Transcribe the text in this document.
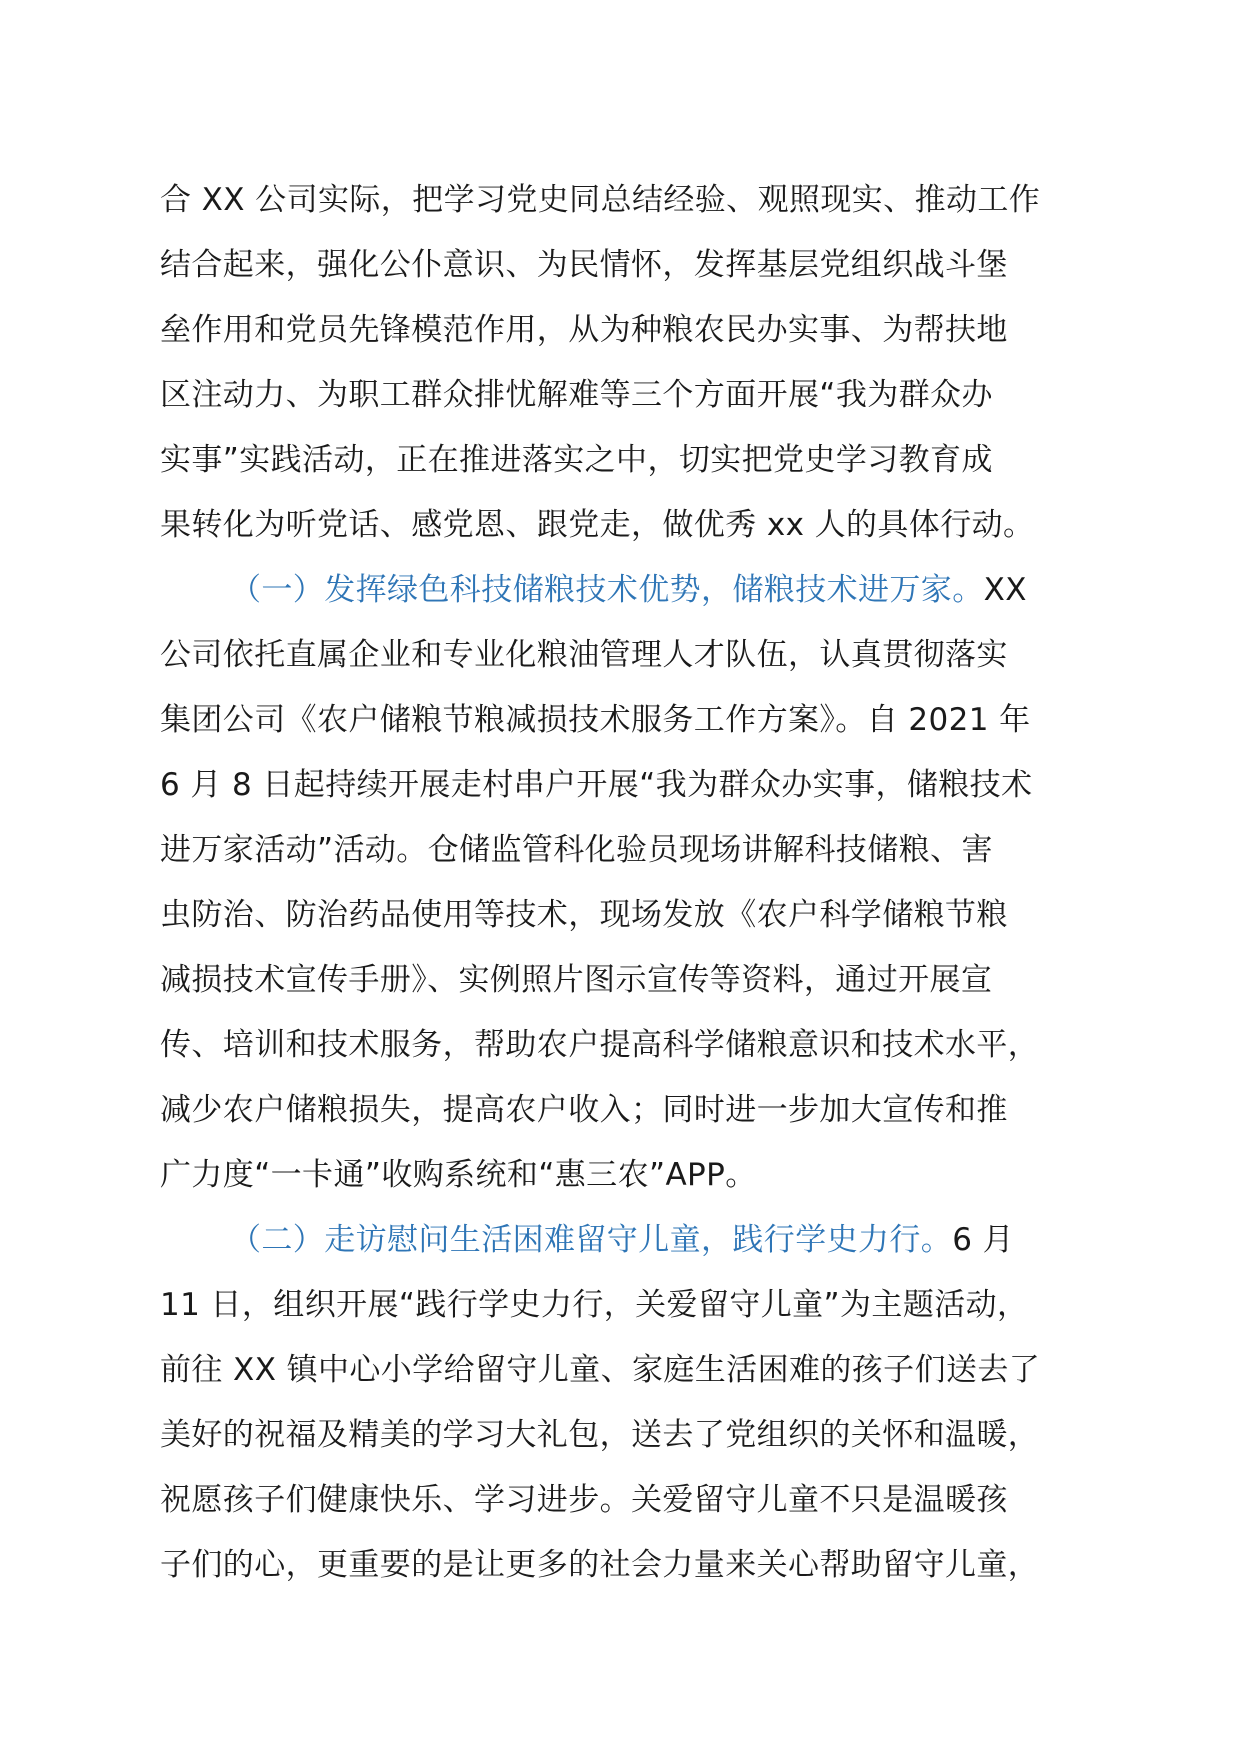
合 XX 公司实际，把学习党史同总结经验、观照现实、推动工作
结合起来，强化公仆意识、为民情怀，发挥基层党组织战斗堡
垒作用和党员先锋模范作用，从为种粮农民办实事、为帮扶地
区注动力、为职工群众排忧解难等三个方面开展“我为群众办
实事”实践活动，正在推进落实之中，切实把党史学习教育成
果转化为听党话、感党恩、跟党走，做优秀 xx 人的具体行动。
（一）发挥绿色科技储粮技术优势，储粮技术进万家。XX
公司依托直属企业和专业化粮油管理人才队伍，认真贯彻落实
集团公司《农户储粮节粮减损技术服务工作方案》。自 2021 年
6 月 8 日起持续开展走村串户开展“我为群众办实事，储粮技术
进万家活动”活动。仓储监管科化验员现场讲解科技储粮、害
虫防治、防治药品使用等技术，现场发放《农户科学储粮节粮
减损技术宣传手册》、实例照片图示宣传等资料，通过开展宣
传、培训和技术服务，帮助农户提高科学储粮意识和技术水平，
减少农户储粮损失，提高农户收入；同时进一步加大宣传和推
广力度“一卡通”收购系统和“惠三农”APP。
（二）走访慰问生活困难留守儿童，践行学史力行。6 月
11 日，组织开展“践行学史力行，关爱留守儿童”为主题活动，
前往 XX 镇中心小学给留守儿童、家庭生活困难的孩子们送去了
美好的祝福及精美的学习大礼包，送去了党组织的关怀和温暖，
祝愿孩子们健康快乐、学习进步。关爱留守儿童不只是温暖孩
子们的心，更重要的是让更多的社会力量来关心帮助留守儿童，
